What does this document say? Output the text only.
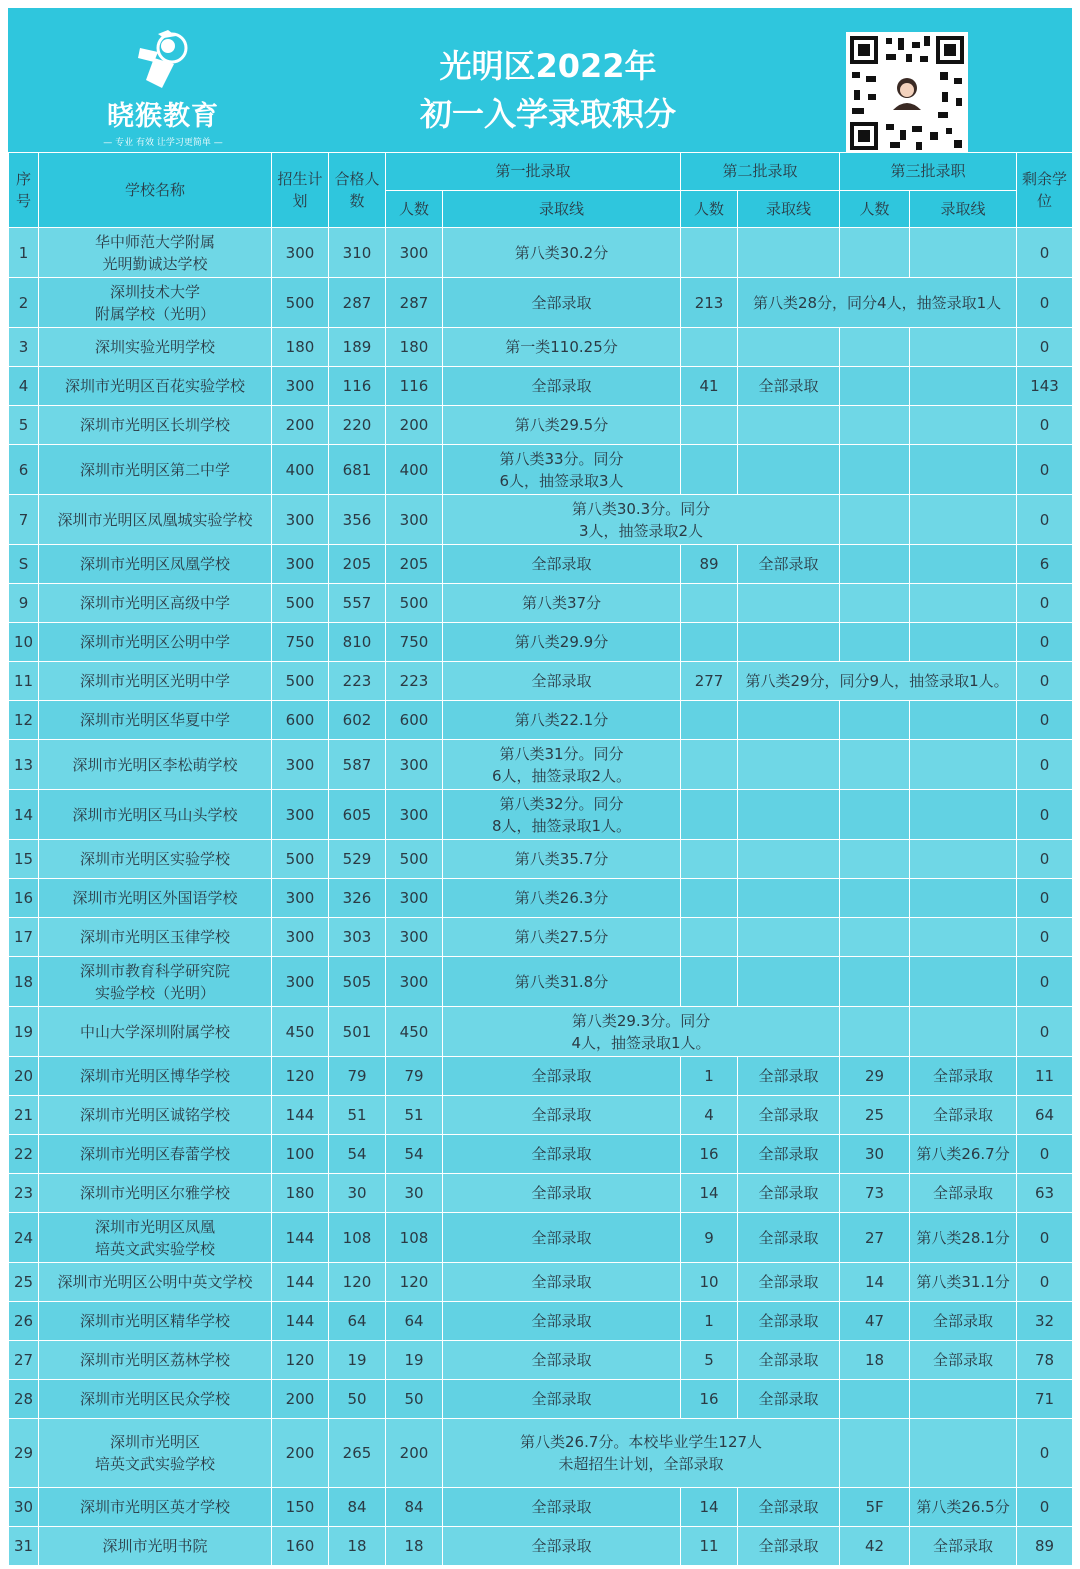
晓猴教育
— 专业 有效 让学习更简单 —
光明区2022年
初一入学录取积分
序号	学校名称	招生计划	合格人数	第一批录取		第二批录取		第三批录职		剩余学位
				人数	录取线	人数	录取线	人数	录取线	
1	华中师范大学附属
光明勤诚达学校	300	310	300	第八类30.2分					0
2	深圳技术大学
附属学校（光明）	500	287	287	全部录取	213	第八类28分，同分4人，抽签录取1人			0
3	深圳实验光明学校	180	189	180	第一类110.25分					0
4	深圳市光明区百花实验学校	300	116	116	全部录取	41	全部录取			143
5	深圳市光明区长圳学校	200	220	200	第八类29.5分					0
6	深圳市光明区第二中学	400	681	400	第八类33分。同分
6人，抽签录取3人					0
7	深圳市光明区凤凰城实验学校	300	356	300	第八类30.3分。同分
3人，抽签录取2人					0
S	深圳市光明区凤凰学校	300	205	205	全部录取	89	全部录取			6
9	深圳市光明区高级中学	500	557	500	第八类37分					0
10	深圳市光明区公明中学	750	810	750	第八类29.9分					0
11	深圳市光明区光明中学	500	223	223	全部录取	277	第八类29分，同分9人，抽签录取1人。			0
12	深圳市光明区华夏中学	600	602	600	第八类22.1分					0
13	深圳市光明区李松萌学校	300	587	300	第八类31分。同分
6人，抽签录取2人。					0
14	深圳市光明区马山头学校	300	605	300	第八类32分。同分
8人，抽签录取1人。					0
15	深圳市光明区实验学校	500	529	500	第八类35.7分					0
16	深圳市光明区外国语学校	300	326	300	第八类26.3分					0
17	深圳市光明区玉律学校	300	303	300	第八类27.5分					0
18	深圳市教育科学研究院
实验学校（光明）	300	505	300	第八类31.8分					0
19	中山大学深圳附属学校	450	501	450	第八类29.3分。同分
4人，抽签录取1人。					0
20	深圳市光明区博华学校	120	79	79	全部录取	1	全部录取	29	全部录取	11
21	深圳市光明区诚铭学校	144	51	51	全部录取	4	全部录取	25	全部录取	64
22	深圳市光明区春蕾学校	100	54	54	全部录取	16	全部录取	30	第八类26.7分	0
23	深圳市光明区尔雅学校	180	30	30	全部录取	14	全部录取	73	全部录取	63
24	深圳市光明区凤凰
培英文武实验学校	144	108	108	全部录取	9	全部录取	27	第八类28.1分	0
25	深圳市光明区公明中英文学校	144	120	120	全部录取	10	全部录取	14	第八类31.1分	0
26	深圳市光明区精华学校	144	64	64	全部录取	1	全部录取	47	全部录取	32
27	深圳市光明区荔林学校	120	19	19	全部录取	5	全部录取	18	全部录取	78
28	深圳市光明区民众学校	200	50	50	全部录取	16	全部录取			71
29	深圳市光明区
培英文武实验学校	200	265	200	第八类26.7分。本校毕业学生127人
未超招生计划，全部录取					0
30	深圳市光明区英才学校	150	84	84	全部录取	14	全部录取	5F	第八类26.5分	0
31	深圳市光明书院	160	18	18	全部录取	11	全部录取	42	全部录取	89
